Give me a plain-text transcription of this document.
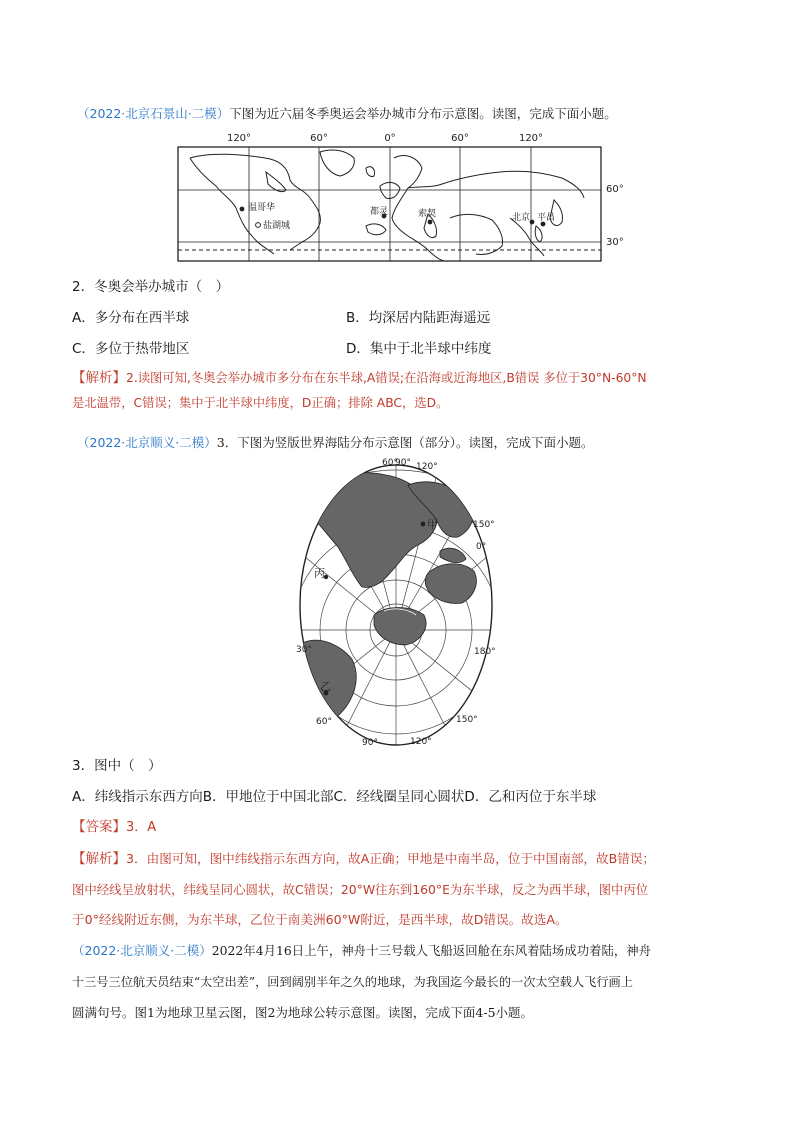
（2022·北京石景山·二模）下图为近六届冬季奥运会举办城市分布示意图。读图，完成下面小题。
120°	60°	0°	60°	120°
60°
30°
温哥华
盐湖城
都灵	索契	北京 平昌
2．冬奥会举办城市（　）
A．多分布在西半球	B．均深居内陆距海遥远
C．多位于热带地区	D．集中于北半球中纬度
【解析】2.读图可知,冬奥会举办城市多分布在东半球,A错误;在沿海或近海地区,B错误 多位于30°N-60°N
是北温带，C错误；集中于北半球中纬度，D正确；排除 ABC，选D。
（2022·北京顺义·二模）3．下图为竖版世界海陆分布示意图（部分）。读图，完成下面小题。
甲
乙
丙
60°
90° 120°
150°
0°
180°
150°
120°
30°
60°
90°
3．图中（　）
A．纬线指示东西方向B．甲地位于中国北部C．经线圈呈同心圆状D．乙和丙位于东半球
【答案】3．A
【解析】3．由图可知，图中纬线指示东西方向，故A正确；甲地是中南半岛，位于中国南部，故B错误；
图中经线呈放射状，纬线呈同心圆状，故C错误；20°W往东到160°E为东半球，反之为西半球，图中丙位
于0°经线附近东侧，为东半球，乙位于南美洲60°W附近，是西半球，故D错误。故选A。
（2022·北京顺义·二模）2022年4月16日上午，神舟十三号载人飞船返回舱在东风着陆场成功着陆，神舟
十三号三位航天员结束“太空出差”，回到阔别半年之久的地球，为我国迄今最长的一次太空载人飞行画上
圆满句号。图1为地球卫星云图，图2为地球公转示意图。读图，完成下面4-5小题。
